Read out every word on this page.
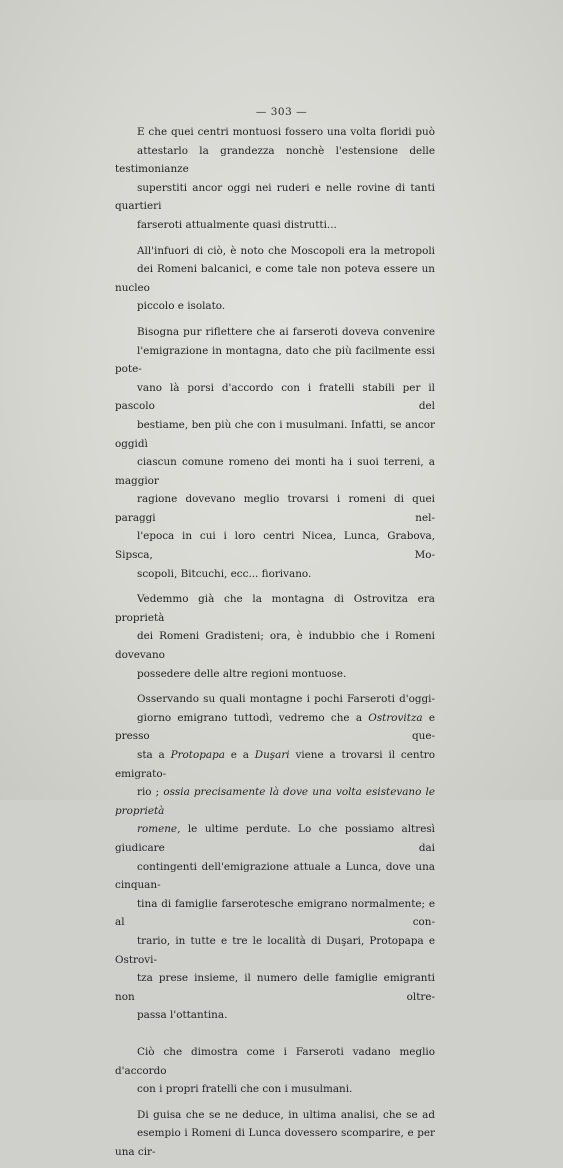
— 303 —
E che quei centri montuosi fossero una volta floridi può
attestarlo la grandezza nonchè l'estensione delle testimonianze
superstiti ancor oggi nei ruderi e nelle rovine di tanti quartieri
farseroti attualmente quasi distrutti...
All'infuori di ciò, è noto che Moscopoli era la metropoli
dei Romeni balcanici, e come tale non poteva essere un nucleo
piccolo e isolato.
Bisogna pur riflettere che ai farseroti doveva convenire
l'emigrazione in montagna, dato che più facilmente essi pote-
vano là porsi d'accordo con i fratelli stabili per il pascolo del
bestiame, ben più che con i musulmani. Infatti, se ancor oggidì
ciascun comune romeno dei monti ha i suoi terreni, a maggior
ragione dovevano meglio trovarsi i romeni di quei paraggi nel-
l'epoca in cui i loro centri Nicea, Lunca, Grabova, Sipsca, Mo-
scopoli, Bitcuchi, ecc... fiorivano.
Vedemmo già che la montagna di Ostrovitza era proprietà
dei Romeni Gradisteni; ora, è indubbio che i Romeni dovevano
possedere delle altre regioni montuose.
Osservando su quali montagne i pochi Farseroti d'oggi-
giorno emigrano tuttodì, vedremo che a Ostrovitza e presso que-
sta a Protopapa e a Duşari viene a trovarsi il centro emigrato-
rio ; ossia precisamente là dove una volta esistevano le proprietà
romene, le ultime perdute. Lo che possiamo altresì giudicare dai
contingenti dell'emigrazione attuale a Lunca, dove una cinquan-
tina di famiglie farserotesche emigrano normalmente; e al con-
trario, in tutte e tre le località di Duşari, Protopapa e Ostrovi-
tza prese insieme, il numero delle famiglie emigranti non oltre-
passa l'ottantina.
Ciò che dimostra come i Farseroti vadano meglio d'accordo
con i propri fratelli che con i musulmani.
Di guisa che se ne deduce, in ultima analisi, che se ad
esempio i Romeni di Lunca dovessero scomparire, e per una cir-
